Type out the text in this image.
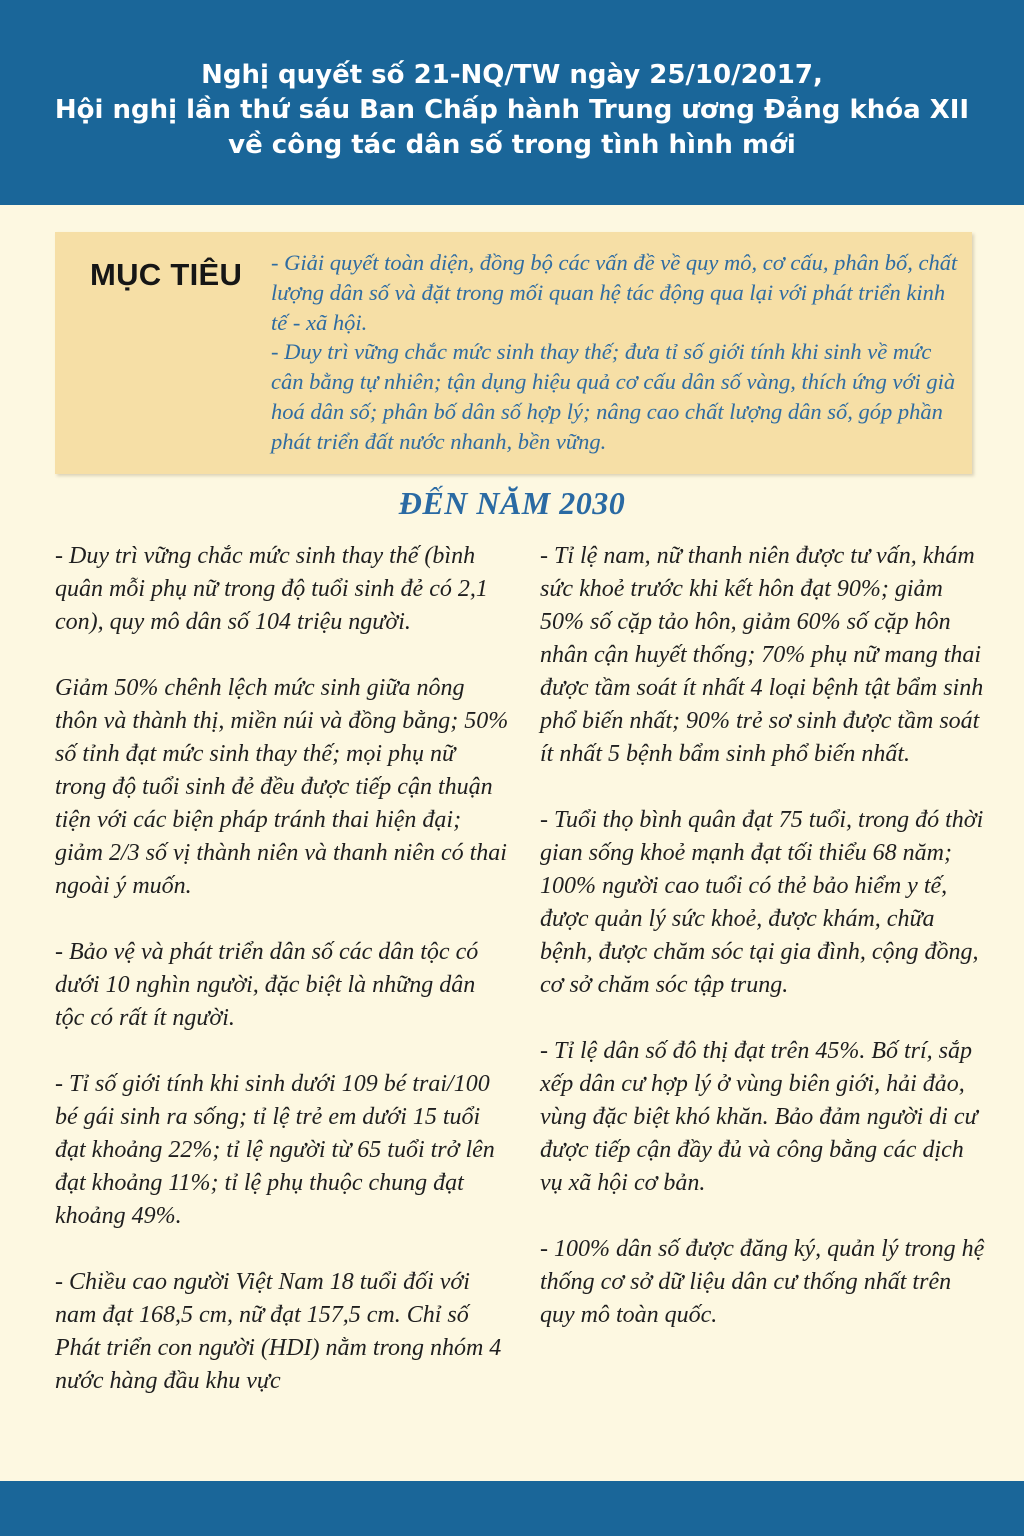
Nghị quyết số 21-NQ/TW ngày 25/10/2017,
Hội nghị lần thứ sáu Ban Chấp hành Trung ương Đảng khóa XII
về công tác dân số trong tình hình mới
MỤC TIÊU - Giải quyết toàn diện, đồng bộ các vấn đề về quy mô, cơ cấu, phân bố, chất lượng dân số và đặt trong mối quan hệ tác động qua lại với phát triển kinh tế - xã hội.

- Duy trì vững chắc mức sinh thay thế; đưa tỉ số giới tính khi sinh về mức cân bằng tự nhiên; tận dụng hiệu quả cơ cấu dân số vàng, thích ứng với già hoá dân số; phân bố dân số hợp lý; nâng cao chất lượng dân số, góp phần phát triển đất nước nhanh, bền vững.

ĐẾN NĂM 2030

- Duy trì vững chắc mức sinh thay thế (bình quân mỗi phụ nữ trong độ tuổi sinh đẻ có 2,1 con), quy mô dân số 104 triệu người.

Giảm 50% chênh lệch mức sinh giữa nông thôn và thành thị, miền núi và đồng bằng; 50% số tỉnh đạt mức sinh thay thế; mọi phụ nữ trong độ tuổi sinh đẻ đều được tiếp cận thuận tiện với các biện pháp tránh thai hiện đại; giảm 2/3 số vị thành niên và thanh niên có thai ngoài ý muốn.

- Bảo vệ và phát triển dân số các dân tộc có dưới 10 nghìn người, đặc biệt là những dân tộc có rất ít người.

- Tỉ số giới tính khi sinh dưới 109 bé trai/100 bé gái sinh ra sống; tỉ lệ trẻ em dưới 15 tuổi đạt khoảng 22%; tỉ lệ người từ 65 tuổi trở lên đạt khoảng 11%; tỉ lệ phụ thuộc chung đạt khoảng 49%.

- Chiều cao người Việt Nam 18 tuổi đối với nam đạt 168,5 cm, nữ đạt 157,5 cm. Chỉ số Phát triển con người (HDI) nằm trong nhóm 4 nước hàng đầu khu vực

- Tỉ lệ nam, nữ thanh niên được tư vấn, khám sức khoẻ trước khi kết hôn đạt 90%; giảm 50% số cặp tảo hôn, giảm 60% số cặp hôn nhân cận huyết thống; 70% phụ nữ mang thai được tầm soát ít nhất 4 loại bệnh tật bẩm sinh phổ biến nhất; 90% trẻ sơ sinh được tầm soát ít nhất 5 bệnh bẩm sinh phổ biến nhất.

- Tuổi thọ bình quân đạt 75 tuổi, trong đó thời gian sống khoẻ mạnh đạt tối thiểu 68 năm; 100% người cao tuổi có thẻ bảo hiểm y tế, được quản lý sức khoẻ, được khám, chữa bệnh, được chăm sóc tại gia đình, cộng đồng, cơ sở chăm sóc tập trung.

- Tỉ lệ dân số đô thị đạt trên 45%. Bố trí, sắp xếp dân cư hợp lý ở vùng biên giới, hải đảo, vùng đặc biệt khó khăn. Bảo đảm người di cư được tiếp cận đầy đủ và công bằng các dịch vụ xã hội cơ bản.

- 100% dân số được đăng ký, quản lý trong hệ thống cơ sở dữ liệu dân cư thống nhất trên quy mô toàn quốc.
